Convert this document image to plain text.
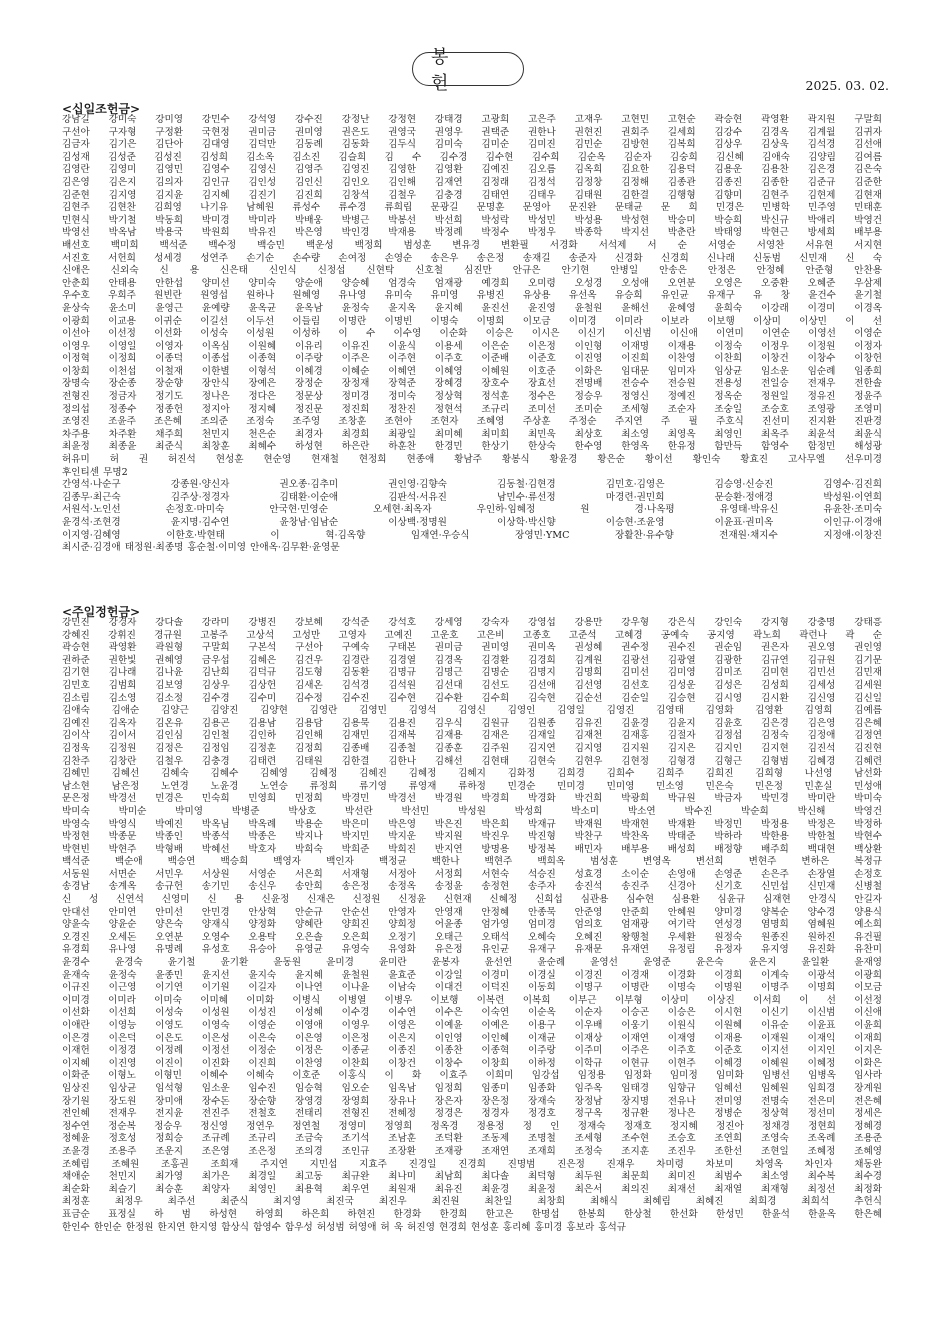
봉 헌	2025. 03. 02.
<십일조헌금>
강남길 강미숙 강미영 강민수 강석영 강수진 강정난 강정현 강태경 고광희 고은주 고재우 고현민 고현순 곽승현 곽영환 곽지원 구말희
구선아 구자형 구정환 국현정 권미금 권미영 권은도 권영국 권영우 권택준 권한나 권현진 권회주 길세희 김강수 김경옥 김계월 김귀자
김금자 김기은 김단아 김대영 김덕만 김동례 김동화 김두식 김미숙 김미순 김미진 김민순 김방현 김복희 김상우 김상욱 김석경 김선애
김성재 김성준 김성진 김성희 김소옥 김소진 김슬희 김 수 김수경 김수현 김수희 김순옥 김순자 김숭희 김신혜 김애숙 김양림 김여름
김영란 김영미 김영민 김영수 김영신 김영주 김영진 김영한 김영환 김예진 김오름 김옥희 김요한 김용덕 김용운 김용찬 김은경 김은숙
김은영 김은지 김의자 김인규 김인성 김인신 김인오 김인해 김재연 김정래 김정석 김정창 김정해 김종관 김종진 김종한 김준규 김준한
김준현 김지영 김지윤 김지혜 김진기 김진희 김창석 김철우 김충경 김태연 김태우 김태원 김한결 김행형 김향미 김현주 김현제 김현재
김현주 김현찬 김희영 나기유 남혜원 류성수 류수경 류희립 문광길 문명훈 문영아 문진완 문태균 문 희 민경은 민병학 민주영 민태훈
민현식 박기철 박동희 박미경 박미라 박배웅 박병근 박봉선 박선희 박성락 박성민 박성용 박성현 박승미 박승희 박신규 박애리 박영건
박영선 박옥남 박용국 박원희 박유진 박은영 박인경 박재용 박정례 박정수 박정우 박종학 박지선 박춘란 박태영 박현근 방세희 배부용
배선호 백미희 백석준 백수정 백승민 백운성 백정희 범성훈 변유경 변환필 서경화 서석제 서 순 서영순 서영찬 서유현 서지현
서진호 서헌희 성세경 성연주 손기순 손수량 손여정 손영순 송은우 송은정 송재길 송준자 신경화 신경희 신나래 신동범 신민재 신 숙
신애은 신외숙 신 용 신은태 신인식 신정섭 신현탁 신호철 심진만 안규은 안기현 안병일 안송은 안정은 안정혜 안준형 안찬용
안춘희 안태용 안한섭 양미선 양미숙 양순애 양승혜 엄경숙 엄재광 예경희 오미령 오성경 오성애 오연분 오영은 오중환 오혜준 우삼제
우수호 우희주 원빈란 원영섭 원하나 원혜영 유나영 유미숙 유미영 유병진 유상용 유선옥 유승희 유인균 유재구 유 창 윤건수 윤기철
윤상숙 윤소미 윤영근 윤예량 윤옥균 윤옥남 윤정숙 윤지옥 윤지혜 윤진선 윤진영 윤철원 윤해선 윤혜영 윤희숙 이강래 이경미 이경옥
이광희 이교용 이귀순 이길선 이두선 이들림 이명란 이명빈 이명숙 이명희 이모금 이미경 이미라 이보라 이보행 이상미 이상민 이 선
이선아 이선정 이선화 이성숙 이성원 이성하 이 수 이수영 이순화 이승은 이시은 이신기 이신범 이신애 이연미 이연순 이영선 이영순
이영우 이영일 이영자 이옥심 이원혜 이유리 이유진 이윤식 이용세 이은순 이은정 이인형 이재명 이재용 이정숙 이정우 이정원 이정자
이정혁 이정희 이종덕 이종섭 이종혁 이주랑 이주은 이주현 이주호 이준배 이준호 이진영 이진희 이찬영 이찬희 이창건 이창수 이창헌
이창희 이천섭 이철재 이한별 이형석 이혜경 이혜순 이혜연 이혜영 이혜원 이호준 이화은 임대문 임미자 임상균 임소운 임순례 임종희
장명숙 장순종 장순향 장안식 장예은 장정순 장정재 장혁준 장혜경 장호수 장효선 전명배 전승수 전승원 전용성 전일승 전재우 전한솔
전형진 정금자 정기도 정나은 정다은 정문상 정미경 정미숙 정상혁 정석훈 정수은 정승우 정영신 정예진 정옥순 정원일 정유진 정윤주
정의섭 정종수 정종헌 정지아 정지혜 정진문 정진희 정찬진 정현석 조규리 조미선 조미순 조세형 조순자 조숭일 조승호 조영광 조영미
조영진 조윤주 조은혜 조의준 조정숙 조주영 조창훈 조현아 조현자 조혜영 주상훈 주정순 주지연 주 필 주호식 진선미 진지환 진판경
차주용 차주환 채주희 천민지 천은순 최경자 최경희 최광일 최미혜 최미희 최민욱 최상호 최소영 최영옥 최영인 최옥주 최윤석 최윤식
최윤정 최종윤 최준식 최창훈 최혜수 하성현 하은란 하훈찬 한경민 한상기 한상숙 한수영 한영옥 한유정 함만득 함영수 함정민 해성광
허유미 허 권 허진석 현성훈 현순영 현재철 현정희 현종애 황남주 황봉식 황윤경 황은순 황이선 황인숙 황효진 고사무엘 선우미경
후인티센 무명2
간영석·나순구 강종원·양신자 권오종·김추미 권인영·김향숙 김동철·김현경 김민호·김영은 김승영·신승진 김영수·김진희
김종무·최근숙 김주상·정경자 김태환·이순애 김판석·서유진 남민수·류선정 마경련·권민희 문승환·정애경 박성원·이연희
서원석·노인선 손정호·마미숙 안국현·민영순 오세현·최옥자 우인하·임혜정 원 경·나옥평 유영태·박유신 유윤찬·조미숙
윤경석·조현경 윤지명·김수연 윤창남·임남순 이상백·정명원 이상학·박신향 이승현·조윤영 이윤표·권미옥 이인규·이경애
이지영·김혜영 이한호·박현태 이 혁·김옥향 임재연·우승식 장영민·YMC 장활찬·유수향 전재원·채지수 지정애·이창진
최시준·김경애 태정원·최종명 홍순철·이미영 안애옥·김무환·윤영문
<주일정헌금>
강민진 강경자 강다솔 강라미 강병진 강보혜 강석준 강석호 강세영 강숙자 강영섭 강용만 강우형 강은식 강인숙 강지형 강충명 강태흥
강혜진 강휘진 경규원 고봉주 고상석 고성만 고영자 고예진 고운호 고은비 고종호 고준석 고혜경 공예숙 공지영 곽노희 곽런나 곽 순
곽승현 곽영환 곽원형 구말희 구본석 구선아 구예숙 구태본 권미금 권미영 권미옥 권성혜 권수정 권수진 권순임 권은자 권오영 권인영
권하준 권한빛 권혜영 금우섭 김혜은 김건우 김경란 김경열 김경옥 김경환 김경희 김계원 김광선 김광열 김광한 김규연 김규원 김기문
김기현 김나래 김나윤 김난희 김덕규 김도형 김동환 김명규 김명근 김명순 김명지 김명희 김미선 김미영 김미조 김미현 김민선 김민재
김민호 김범희 김보영 김상우 김상헌 김새온 김석경 김석원 김선대 김선도 김선애 김선영 김선호 김성운 김성은 김성희 김세성 김세원
김소림 김소영 김소정 김수경 김수미 김수정 김수진 김수현 김수환 김수희 김숙현 김순선 김순일 김승현 김시영 김시환 김신영 김신일
김애숙 김애순 김양근 김양진 김양현 김영란 김영민 김영석 김영신 김영인 김영일 김영진 김영태 김영화 김영환 김영희 김예름
김예진 김옥자 김온유 김용곤 김용남 김용담 김용묵 김용진 김우식 김원규 김원종 김유진 김윤경 김윤지 김윤호 김은경 김은영 김은혜
김이삭 김이서 김인심 김인철 김인하 김인해 김재민 김재복 김재용 김재은 김재일 김재천 김재홍 김절자 김정섭 김정숙 김정애 김정연
김정욱 김정원 김정은 김정임 김정훈 김정희 김종배 김종철 김종훈 김주원 김지연 김지영 김지원 김지은 김지인 김지현 김진석 김진현
김찬주 김창란 김철우 김충경 김태련 김태원 김한결 김한나 김해선 김현태 김현숙 김현우 김현정 김형경 김형근 김형범 김혜경 김혜련
김혜민 김혜선 김혜숙 김혜수 김혜영 김혜정 김혜진 김혜정 김혜지 김화정 김희경 김희수 김희주 김희진 김희형 나선영 남선화
남소현 남은정 노연경 노윤경 노연승 류정희 류기영 류영재 류하정 민경순 민미경 민미영 민소영 민은숙 민은정 민훈실 민성애
문은정 박경선 민경은 민숙희 민영희 민정희 박경민 박경선 박경원 박경희 박경화 박건희 박광희 박규원 박금자 박민경 박미란 박미숙
박미숙 박미순 박미영 박병준 박상호 박선란 박선민 박성원 박성희 박소미 박소연 박수진 박순희 박신해 박영건
박영숙 박영식 박예진 박옥님 박옥례 박용순 박은미 박은영 박은진 박은희 박재규 박재원 박재현 박재환 박정민 박정용 박정은 박정하
박정현 박종문 박종인 박종석 박종은 박지나 박지민 박지운 박지원 박진우 박진형 박찬구 박찬옥 박태준 박하라 박한용 박한철 박현수
박현빈 박현주 박형배 박혜선 박호자 박희숙 박희준 박희진 반지연 방명용 방정복 배민자 배부용 배성희 배정향 배주희 백대현 백상환
백석준 백순애 백승연 백승희 백영자 백인자 백정균 백한나 백현주 백희옥 범성훈 변영옥 변선희 변현주 변하은 복정규
서동원 서면순 서민우 서상원 서영순 서은희 서재형 서정아 서정희 서현숙 석승진 성효경 소이순 손영애 손영준 손은주 손장열 손정호
송경남 송계옥 송규헌 송기민 송신우 송안희 송은정 송정옥 송정윤 송정현 송주자 송진석 송진주 신경아 신기호 신민섭 신민재 신병철
신 성 신연석 신영미 신 용 신윤정 신재은 신정원 신정윤 신현재 신혜정 신희섭 심관용 심수현 심용환 심윤규 심재현 안경식 안길자
안대선 안미연 안미선 안민경 안상혁 안순규 안순선 안영자 안영재 안정혜 안종묵 안준영 안준희 안혜원 양미경 양복순 양수경 양용식
양윤숙 양윤순 양은숙 양재식 양정화 양혜란 양희진 양희정 어윤종 엄가영 엄미경 엄의호 엄재광 여기락 연성경 염명희 염혜원 예소희
오경진 오세돈 오연분 오영수 오용탁 오은솔 오은희 오정기 오태근 오태석 오혜숙 오혜진 왕행철 우세환 원정숙 원종진 원하진 유건필
유경희 유나영 유명례 유성호 유승아 유영균 유영숙 유영화 유은정 유인균 유재구 유재문 유재연 유정림 유정자 유지영 유진화 유찬미
윤경수 윤경숙 윤기철 윤기환 윤동원 윤미경 윤미란 윤봉자 윤선연 윤순례 윤영선 윤영준 윤은숙 윤은지 윤일환 윤재영
윤재숙 윤정숙 윤종민 윤지선 윤지숙 윤지혜 윤철원 윤효준 이강일 이경미 이경실 이경진 이경재 이경화 이경희 이계숙 이광석 이광희
이규진 이근영 이기연 이기원 이길자 이나연 이나윤 이남숙 이대건 이덕진 이동희 이명구 이명란 이명숙 이명원 이명주 이명희 이모금
이미경 이미라 이미숙 이미혜 이미화 이병식 이병열 이병우 이보행 이복련 이복희 이부근 이부형 이상미 이상진 이서희 이 선 이선정
이선화 이선희 이성숙 이성원 이성진 이성혜 이수경 이수연 이수은 이숙연 이순옥 이순자 이승곤 이승은 이시현 이신기 이신범 이신애
이애란 이영능 이영도 이영숙 이영순 이영애 이영우 이영은 이예윤 이예은 이용구 이우배 이웅기 이원식 이원혜 이유순 이윤표 이윤희
이은경 이은덕 이은도 이은성 이은숙 이은영 이은정 이은지 이인영 이인혜 이재균 이재상 이재연 이재영 이재용 이재원 이재익 이재희
이재헌 이정경 이정례 이정선 이정순 이정은 이종균 이종진 이종찬 이종혁 이주랑 이주미 이주은 이주호 이준호 이지선 이지인 이지은
이지혜 이진영 이진이 이진화 이진희 이찬영 이찬희 이창건 이창수 이창희 이하정 이학규 이현규 이현주 이혜경 이혜원 이혜정 이화은
이화준 이형노 이형민 이혜수 이혜숙 이호준 이홍식 이 화 이효주 이희미 임강섭 임정용 임정화 임미정 임미화 임병선 임병옥 임사라
임상진 임상균 임석형 임소운 임수진 임승혁 임오순 임옥남 임정희 임종미 임종화 임주옥 임태경 임향규 임혜선 임혜원 임희경 장계원
장기원 장도원 장미애 장수돈 장순향 장영경 장영희 장유나 장은자 장은정 장재숙 장정남 장지명 전유나 전미영 전명숙 전은미 전은혜
전인혜 전재우 전지윤 전진주 전철호 전태리 전형진 전혜정 정경은 정경자 정경호 정구옥 정규환 정나은 정병순 정상혁 정선미 정세은
정수연 정순복 정승우 정신영 정연우 정연철 정영미 정영희 정옥경 정용정 정 인 정재숙 정재호 정지혜 정진아 정채경 정현희 정혜경
정혜윤 정호성 정희승 조규례 조규리 조금숙 조기석 조남훈 조덕환 조동제 조명철 조세형 조수현 조승호 조연희 조영숙 조옥례 조용준
조윤경 조용주 조운지 조은영 조은정 조의경 조인규 조장환 조재광 조재연 조재희 조정숙 조지훈 조진우 조한선 조현일 조혜정 조혜영
조혜림 조혜원 조홍권 조희재 주지연 지민섭 지효주 진경일 진경희 진명범 진은정 진재우 차미령 차보미 차영옥 차인자 채동완
채애순 천민지 최가영 최가은 최경일 최고동 최규완 최나미 최남희 최다솔 최덕형 최두원 최문희 최미진 최범수 최소영 최수복 최수경
최순화 최슬기 최승훈 최양자 최영인 최용혁 최우연 최원재 최유진 최윤경 최윤정 최은서 최의진 최재선 최재열 최재형 최정선 최정화
최정훈 최정우 최주선 최준식 최지영 최진국 최진우 최진원 최찬일 최창희 최해식 최혜림 최혜진 최희경 최희석 추헌식
표금순 표정실 하 범 하성현 하영희 하은희 하현진 한경화 한경희 한고은 한명섭 한봉희 한상철 한선화 한성민 한윤석 한윤옥 한은혜
한인수 한인순 한정원 한지연 한지영 함상식 함영수 함우성 허성범 허영애 허 욱 허진영 현경희 현성훈 홍리혜 홍미경 홍보라 홍석규
